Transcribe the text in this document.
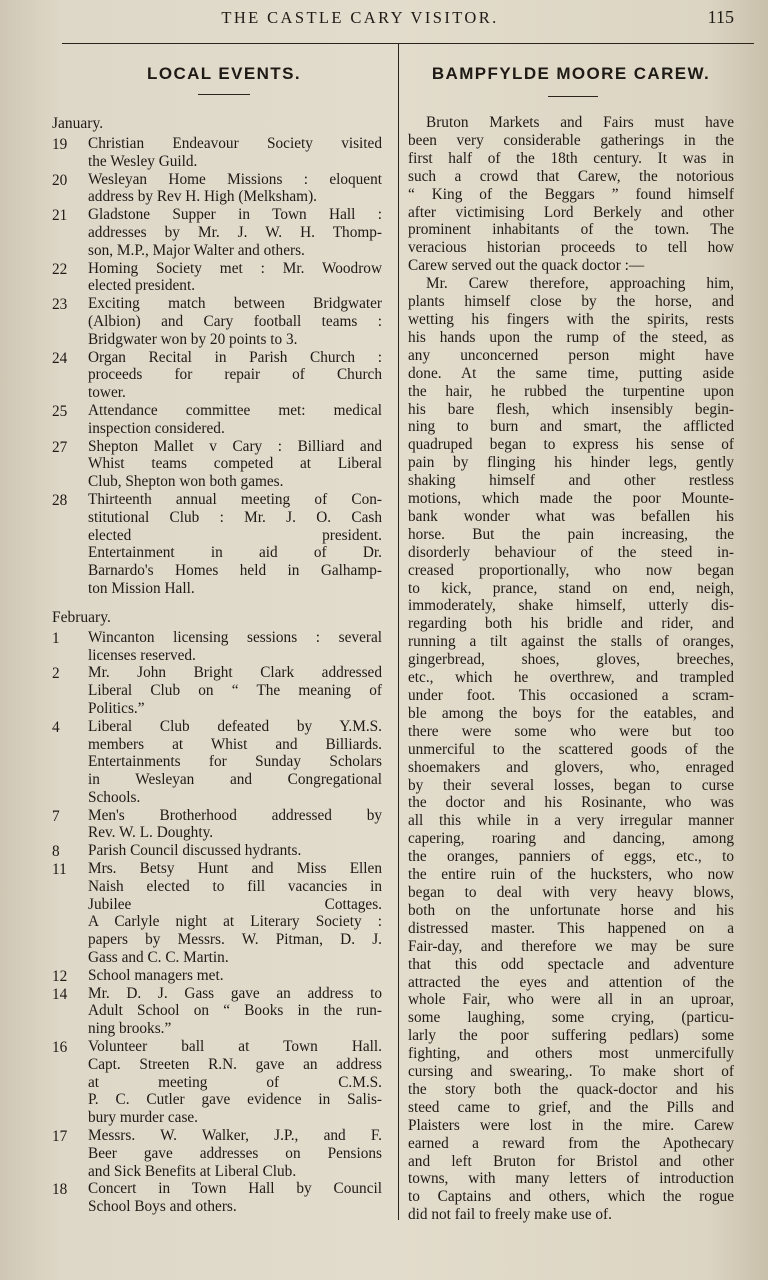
THE CASTLE CARY VISITOR.	115
LOCAL EVENTS.

January.

19	Christian Endeavour Society visited
the Wesley Guild.
20	Wesleyan Home Missions : eloquent
address by Rev H. High (Melksham).
21	Gladstone Supper in Town Hall :
addresses by Mr. J. W. H. Thomp-
son, M.P., Major Walter and others.
22	Homing Society met : Mr. Woodrow
elected president.
23	Exciting match between Bridgwater
(Albion) and Cary football teams :
Bridgwater won by 20 points to 3.
24	Organ Recital in Parish Church :
proceeds for repair of Church
tower.
25	Attendance committee met: medical
inspection considered.
27	Shepton Mallet v Cary : Billiard and
Whist teams competed at Liberal
Club, Shepton won both games.
28	Thirteenth annual meeting of Con-
stitutional Club : Mr. J. O. Cash
elected president.
Entertainment in aid of Dr.
Barnardo's Homes held in Galhamp-
ton Mission Hall.

February.

1	Wincanton licensing sessions : several
licenses reserved.
2	Mr. John Bright Clark addressed
Liberal Club on “ The meaning of
Politics.”
4	Liberal Club defeated by Y.M.S.
members at Whist and Billiards.
Entertainments for Sunday Scholars
in Wesleyan and Congregational
Schools.
7	Men's Brotherhood addressed by
Rev. W. L. Doughty.
8	Parish Council discussed hydrants.
11	Mrs. Betsy Hunt and Miss Ellen
Naish elected to fill vacancies in
Jubilee Cottages.
A Carlyle night at Literary Society :
papers by Messrs. W. Pitman, D. J.
Gass and C. C. Martin.
12	School managers met.
14	Mr. D. J. Gass gave an address to
Adult School on “ Books in the run-
ning brooks.”
16	Volunteer ball at Town Hall.
Capt. Streeten R.N. gave an address
at meeting of C.M.S.
P. C. Cutler gave evidence in Salis-
bury murder case.
17	Messrs. W. Walker, J.P., and F.
Beer gave addresses on Pensions
and Sick Benefits at Liberal Club.
18	Concert in Town Hall by Council
School Boys and others.
BAMPFYLDE MOORE CAREW.
Bruton Markets and Fairs must have
been very considerable gatherings in the
first half of the 18th century. It was in
such a crowd that Carew, the notorious
“ King of the Beggars ” found himself
after victimising Lord Berkely and other
prominent inhabitants of the town. The
veracious historian proceeds to tell how
Carew served out the quack doctor :—
Mr. Carew therefore, approaching him,
plants himself close by the horse, and
wetting his fingers with the spirits, rests
his hands upon the rump of the steed, as
any unconcerned person might have
done. At the same time, putting aside
the hair, he rubbed the turpentine upon
his bare flesh, which insensibly begin-
ning to burn and smart, the afflicted
quadruped began to express his sense of
pain by flinging his hinder legs, gently
shaking himself and other restless
motions, which made the poor Mounte-
bank wonder what was befallen his
horse. But the pain increasing, the
disorderly behaviour of the steed in-
creased proportionally, who now began
to kick, prance, stand on end, neigh,
immoderately, shake himself, utterly dis-
regarding both his bridle and rider, and
running a tilt against the stalls of oranges,
gingerbread, shoes, gloves, breeches,
etc., which he overthrew, and trampled
under foot. This occasioned a scram-
ble among the boys for the eatables, and
there were some who were but too
unmerciful to the scattered goods of the
shoemakers and glovers, who, enraged
by their several losses, began to curse
the doctor and his Rosinante, who was
all this while in a very irregular manner
capering, roaring and dancing, among
the oranges, panniers of eggs, etc., to
the entire ruin of the hucksters, who now
began to deal with very heavy blows,
both on the unfortunate horse and his
distressed master. This happened on a
Fair-day, and therefore we may be sure
that this odd spectacle and adventure
attracted the eyes and attention of the
whole Fair, who were all in an uproar,
some laughing, some crying, (particu-
larly the poor suffering pedlars) some
fighting, and others most unmercifully
cursing and swearing,. To make short of
the story both the quack-doctor and his
steed came to grief, and the Pills and
Plaisters were lost in the mire. Carew
earned a reward from the Apothecary
and left Bruton for Bristol and other
towns, with many letters of introduction
to Captains and others, which the rogue
did not fail to freely make use of.
